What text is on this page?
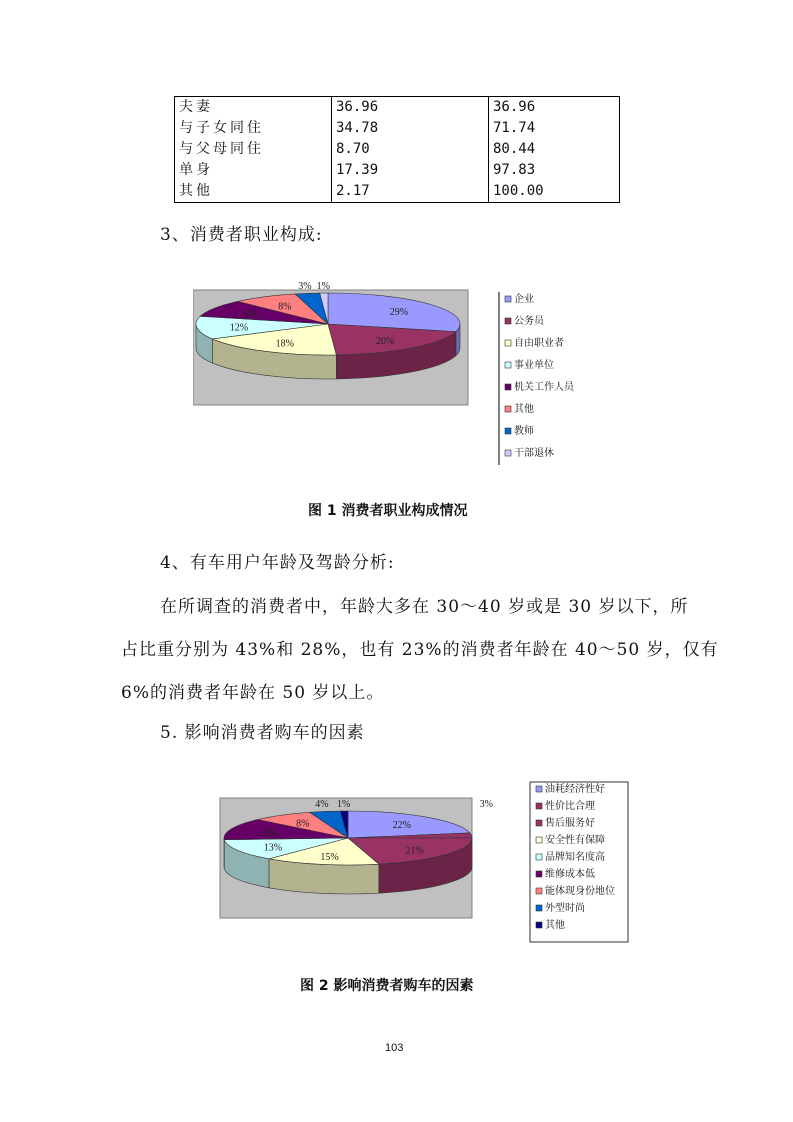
夫妻	36.96	36.96
与子女同住	34.78	71.74
与父母同住	8.70	80.44
单身	17.39	97.83
其他	2.17	100.00
3、消费者职业构成:
29%
20%
18%
12%
9%
8%
3% 1%
企业
公务员
自由职业者
事业单位
机关工作人员
其他
教师
干部退休
图 1 消费者职业构成情况
4、有车用户年龄及驾龄分析:
在所调查的消费者中，年龄大多在 30～40 岁或是 30 岁以下，所
占比重分别为 43%和 28%，也有 23%的消费者年龄在 40～50 岁，仅有
6%的消费者年龄在 50 岁以上。
5. 影响消费者购车的因素
22%
3%
21%
15%
13%
13%
8%
4% 1%
油耗经济性好
性价比合理
售后服务好
安全性有保障
品牌知名度高
维修成本低
能体现身份地位
外型时尚
其他
图 2 影响消费者购车的因素
103
